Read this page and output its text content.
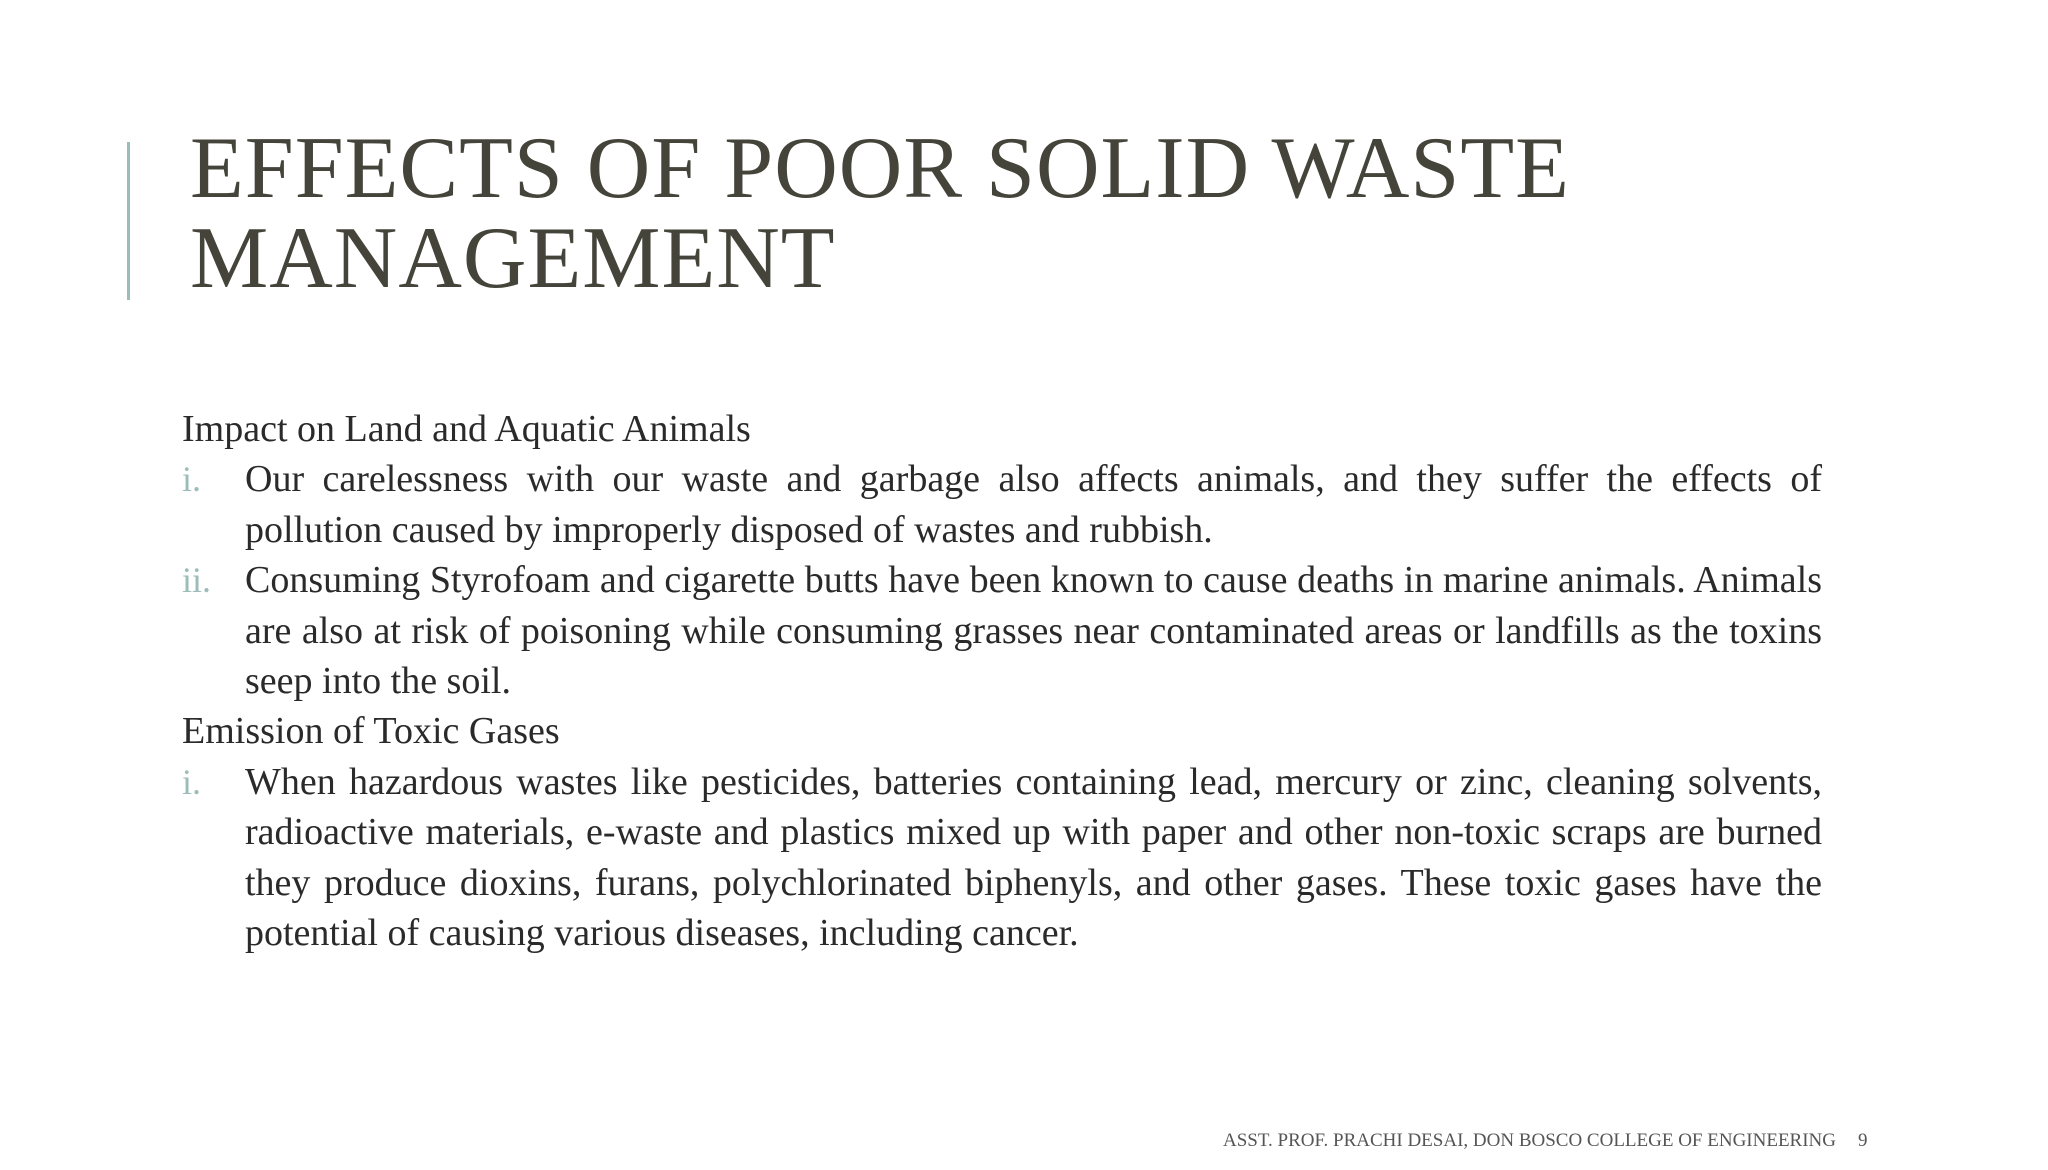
EFFECTS OF POOR SOLID WASTE
MANAGEMENT

Impact on Land and Aquatic Animals

i. Our carelessness with our waste and garbage also affects animals, and they suffer the effects of pollution caused by improperly disposed of wastes and rubbish.
ii. Consuming Styrofoam and cigarette butts have been known to cause deaths in marine animals. Animals are also at risk of poisoning while consuming grasses near contaminated areas or landfills as the toxins seep into the soil.

Emission of Toxic Gases

i. When hazardous wastes like pesticides, batteries containing lead, mercury or zinc, cleaning solvents, radioactive materials, e-waste and plastics mixed up with paper and other non-toxic scraps are burned they produce dioxins, furans, polychlorinated biphenyls, and other gases. These toxic gases have the potential of causing various diseases, including cancer.
ASST. PROF. PRACHI DESAI, DON BOSCO COLLEGE OF ENGINEERING 9
